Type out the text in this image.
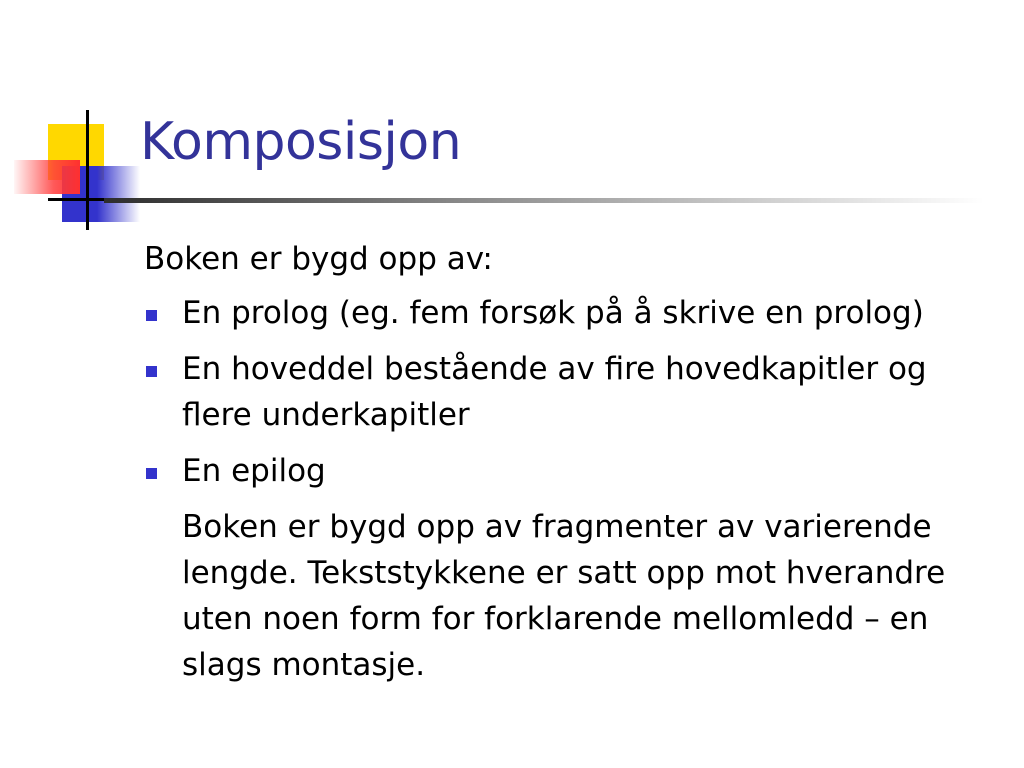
Komposisjon
Boken er bygd opp av:
En prolog (eg. fem forsøk på å skrive en prolog)
En hoveddel bestående av fire hovedkapitler og flere underkapitler
En epilog

Boken er bygd opp av fragmenter av varierende lengde. Tekststykkene er satt opp mot hverandre uten noen form for forklarende mellomledd – en slags montasje.
